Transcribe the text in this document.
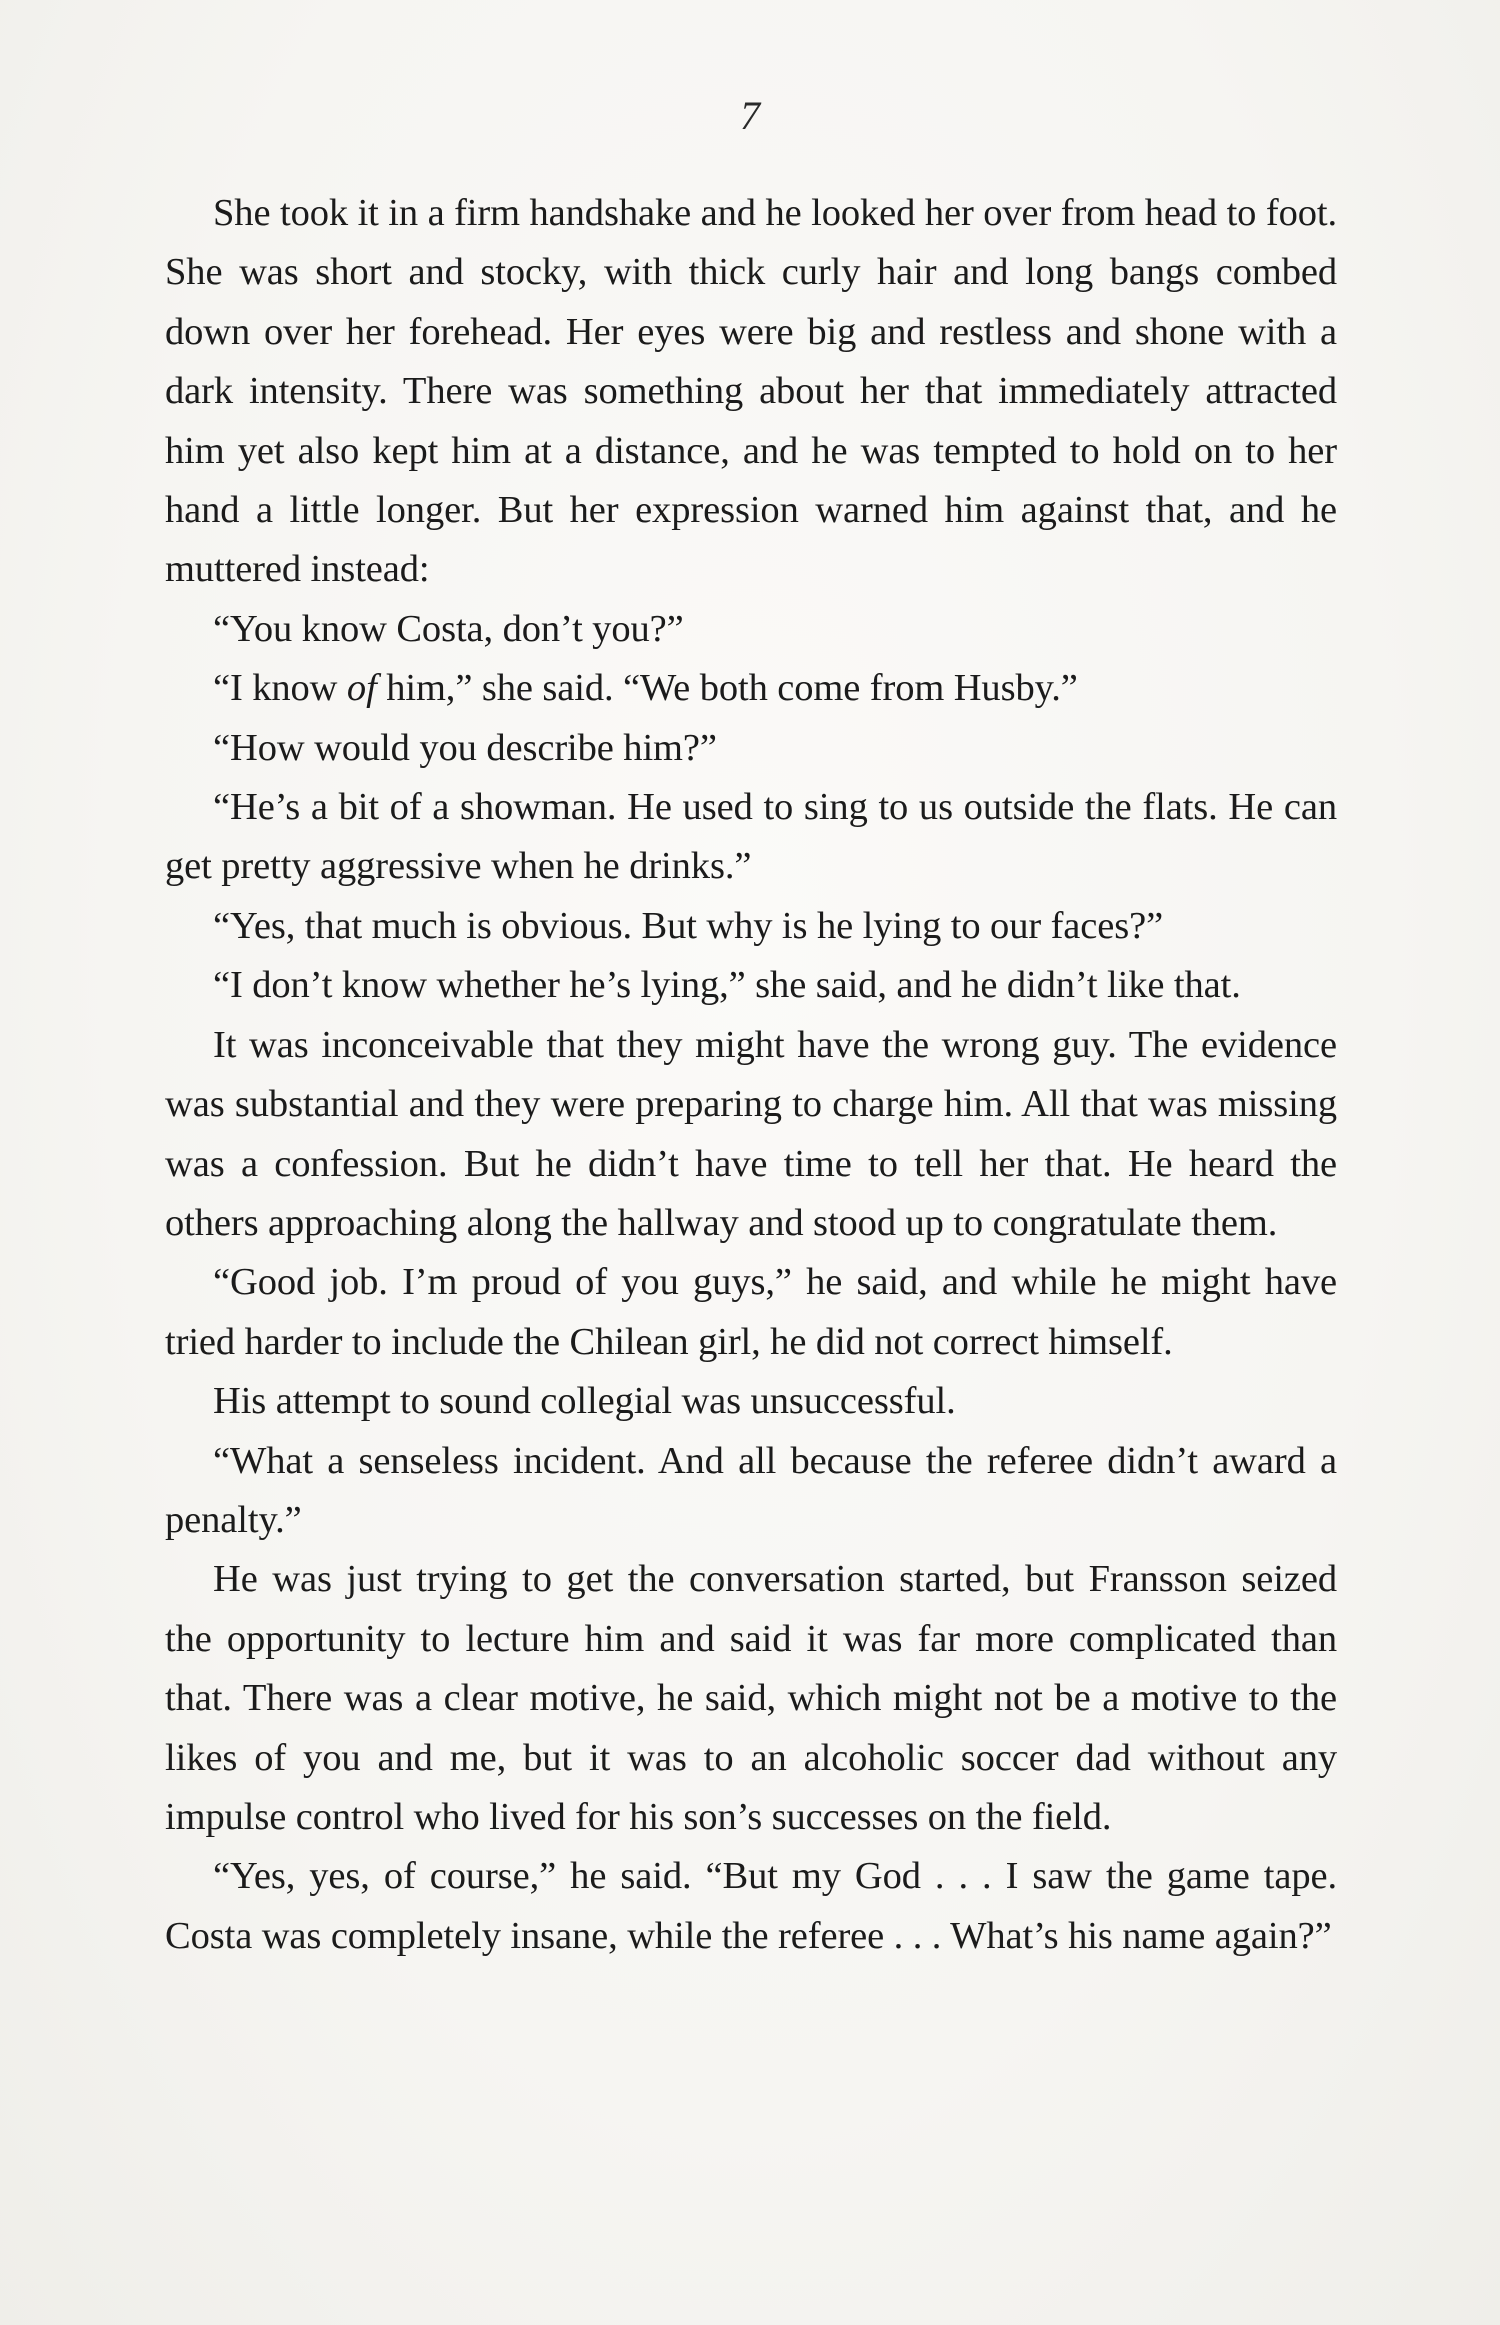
7

She took it in a firm handshake and he looked her over from head to foot. She was short and stocky, with thick curly hair and long bangs combed down over her forehead. Her eyes were big and restless and shone with a dark intensity. There was something about her that immediately attracted him yet also kept him at a distance, and he was tempted to hold on to her hand a little longer. But her expression warned him against that, and he muttered instead:

“You know Costa, don’t you?”

“I know of him,” she said. “We both come from Husby.”

“How would you describe him?”

“He’s a bit of a showman. He used to sing to us outside the flats. He can get pretty aggressive when he drinks.”

“Yes, that much is obvious. But why is he lying to our faces?”

“I don’t know whether he’s lying,” she said, and he didn’t like that.

It was inconceivable that they might have the wrong guy. The evidence was substantial and they were preparing to charge him. All that was missing was a confession. But he didn’t have time to tell her that. He heard the others approaching along the hallway and stood up to congratulate them.

“Good job. I’m proud of you guys,” he said, and while he might have tried harder to include the Chilean girl, he did not correct himself.

His attempt to sound collegial was unsuccessful.

“What a senseless incident. And all because the referee didn’t award a penalty.”

He was just trying to get the conversation started, but Fransson seized the opportunity to lecture him and said it was far more complicated than that. There was a clear motive, he said, which might not be a motive to the likes of you and me, but it was to an alcoholic soccer dad without any impulse control who lived for his son’s successes on the field.

“Yes, yes, of course,” he said. “But my God . . . I saw the game tape. Costa was completely insane, while the referee . . . What’s his name again?”
